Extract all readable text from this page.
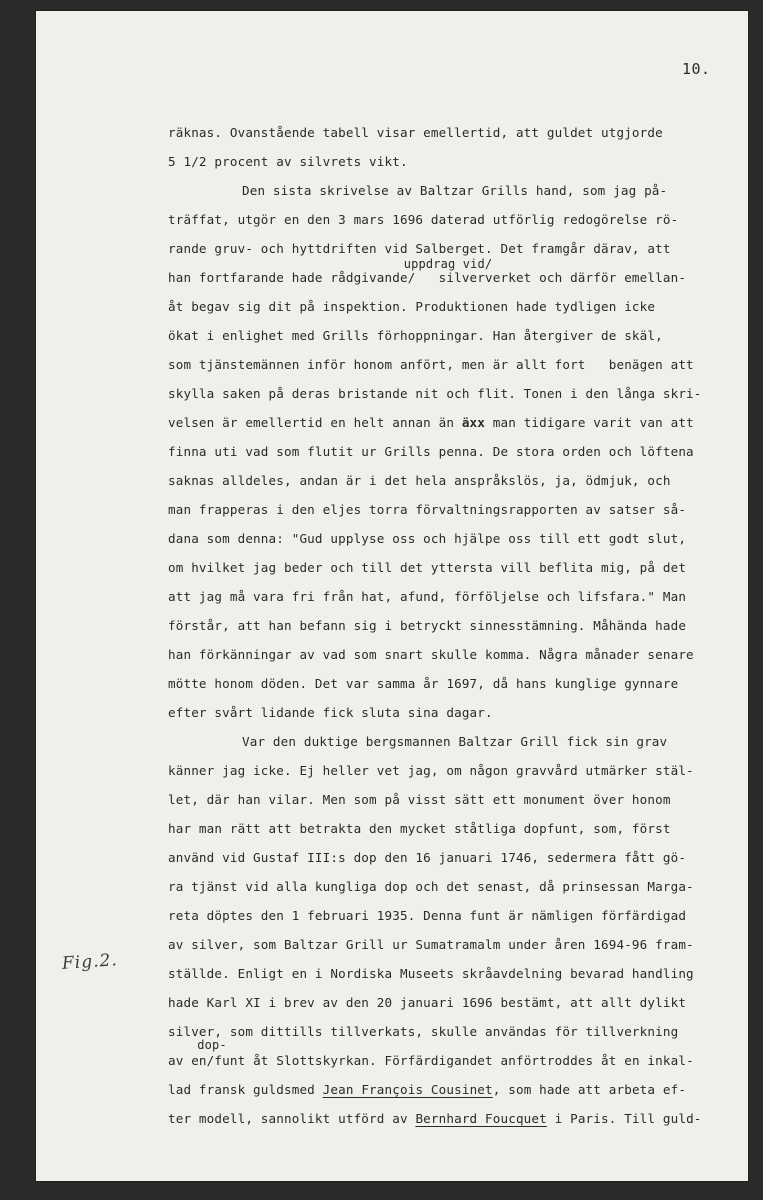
10.
Fig.2.
räknas. Ovanstående tabell visar emellertid, att guldet utgjorde
5 1/2 procent av silvrets vikt.
Den sista skrivelse av Baltzar Grills hand, som jag på-
träffat, utgör en den 3 mars 1696 daterad utförlig redogörelse rö-
rande gruv- och hyttdriften vid Salberget. Det framgår därav, att
han fortfarande hade rådgivande
uppdrag vid/
/   silververket och därför emellan-
åt begav sig dit på inspektion. Produktionen hade tydligen icke
ökat i enlighet med Grills förhoppningar. Han återgiver de skäl,
som tjänstemännen inför honom anfört, men är allt fort   benägen att
skylla saken på deras bristande nit och flit. Tonen i den långa skri-
velsen är emellertid en helt annan än äxx man tidigare varit van att
finna uti vad som flutit ur Grills penna. De stora orden och löftena
saknas alldeles, andan är i det hela anspråkslös, ja, ödmjuk, och
man frapperas i den eljes torra förvaltningsrapporten av satser så-
dana som denna: "Gud upplyse oss och hjälpe oss till ett godt slut,
om hvilket jag beder och till det yttersta vill beflita mig, på det
att jag må vara fri från hat, afund, förföljelse och lifsfara." Man
förstår, att han befann sig i betryckt sinnesstämning. Måhända hade
han förkänningar av vad som snart skulle komma. Några månader senare
mötte honom döden. Det var samma år 1697, då hans kunglige gynnare
efter svårt lidande fick sluta sina dagar.
Var den duktige bergsmannen Baltzar Grill fick sin grav
känner jag icke. Ej heller vet jag, om någon gravvård utmärker stäl-
let, där han vilar. Men som på visst sätt ett monument över honom
har man rätt att betrakta den mycket ståtliga dopfunt, som, först
använd vid Gustaf III:s dop den 16 januari 1746, sedermera fått gö-
ra tjänst vid alla kungliga dop och det senast, då prinsessan Marga-
reta döptes den 1 februari 1935. Denna funt är nämligen förfärdigad
av silver, som Baltzar Grill ur Sumatramalm under åren 1694-96 fram-
ställde. Enligt en i Nordiska Museets skråavdelning bevarad handling
hade Karl XI i brev av den 20 januari 1696 bestämt, att allt dylikt
silver, som dittills tillverkats, skulle användas för tillverkning
av
dop-
en/funt åt Slottskyrkan. Förfärdigandet anförtroddes åt en inkal-
lad fransk guldsmed Jean François Cousinet, som hade att arbeta ef-
ter modell, sannolikt utförd av Bernhard Foucquet i Paris. Till guld-
